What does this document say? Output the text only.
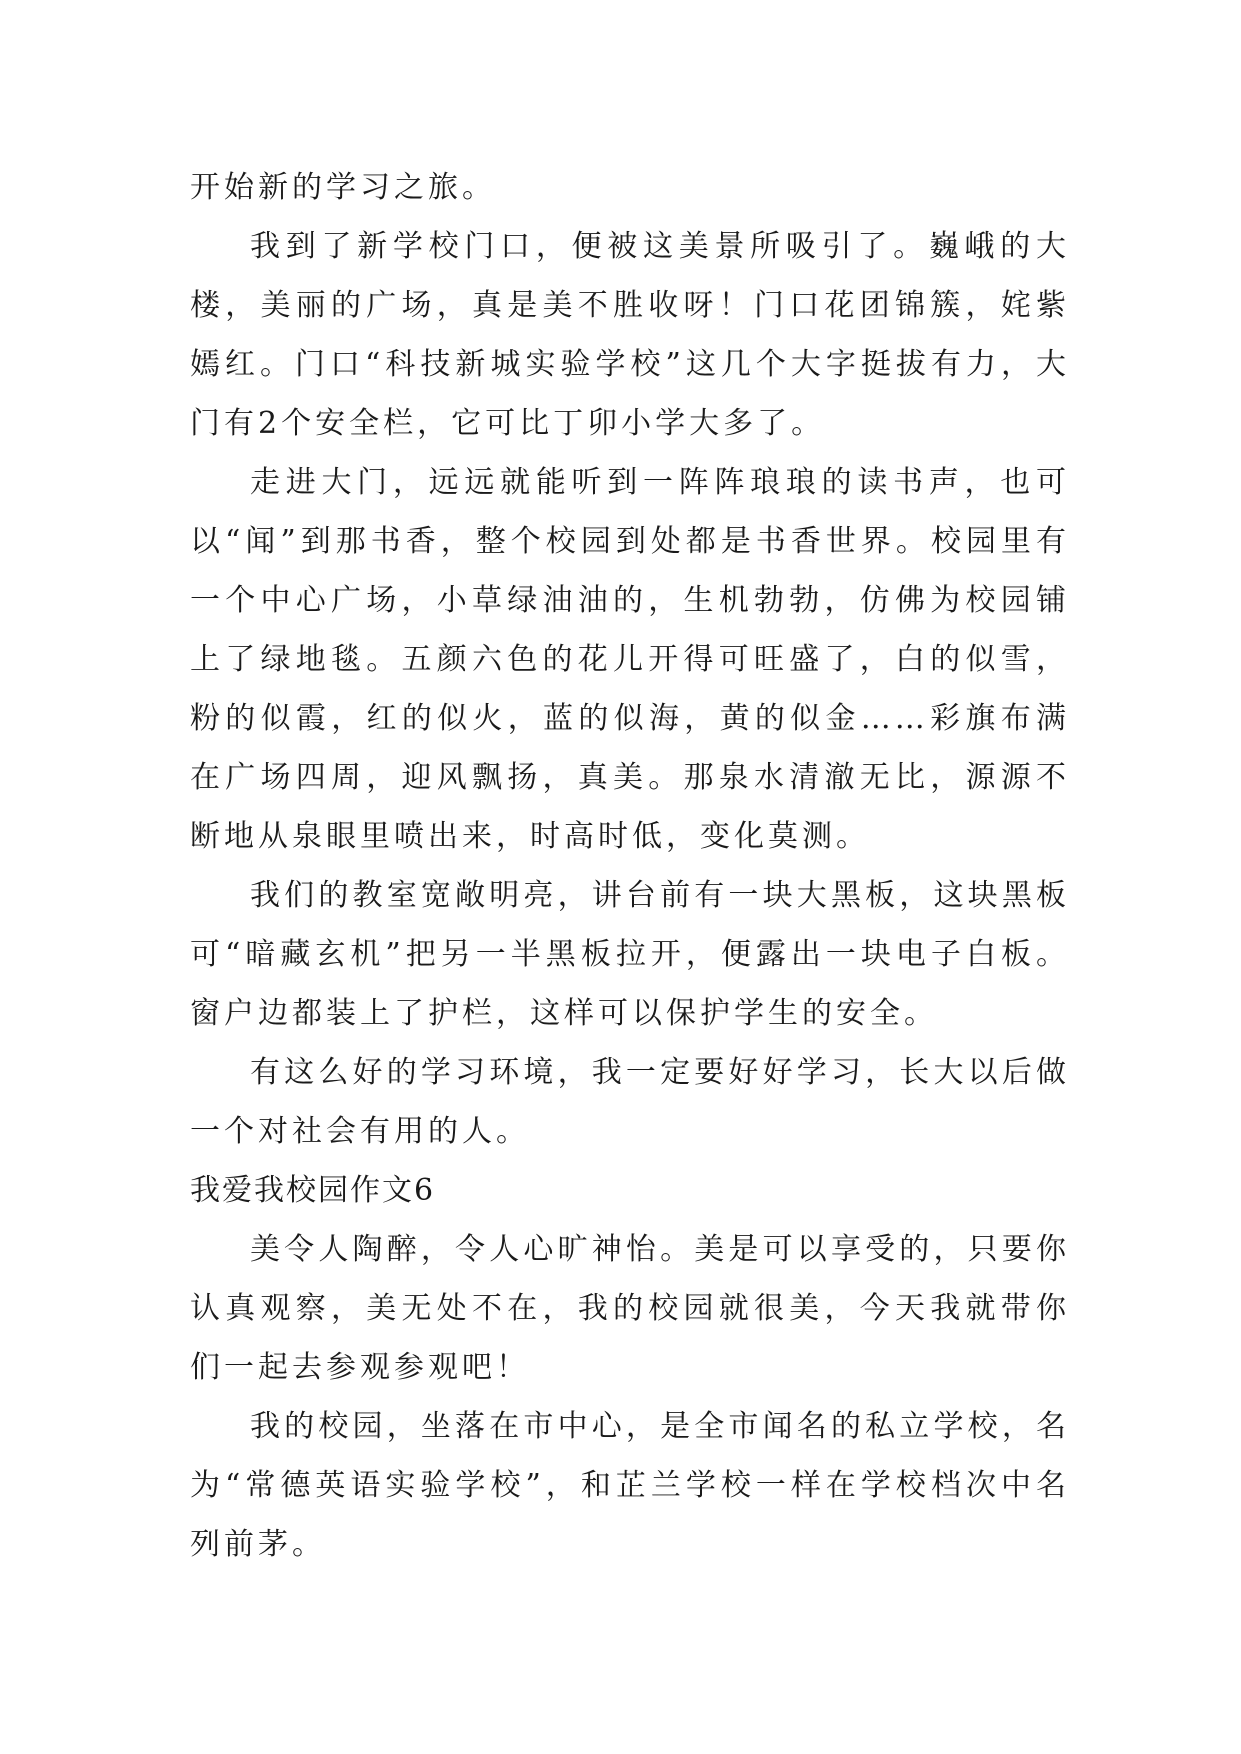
开始新的学习之旅。

我到了新学校门口，便被这美景所吸引了。巍峨的大楼，美丽的广场，真是美不胜收呀！门口花团锦簇，姹紫嫣红。门口“科技新城实验学校”这几个大字挺拔有力，大门有2个安全栏，它可比丁卯小学大多了。

走进大门，远远就能听到一阵阵琅琅的读书声，也可以“闻”到那书香，整个校园到处都是书香世界。校园里有一个中心广场，小草绿油油的，生机勃勃，仿佛为校园铺上了绿地毯。五颜六色的花儿开得可旺盛了，白的似雪，粉的似霞，红的似火，蓝的似海，黄的似金……彩旗布满在广场四周，迎风飘扬，真美。那泉水清澈无比，源源不断地从泉眼里喷出来，时高时低，变化莫测。

我们的教室宽敞明亮，讲台前有一块大黑板，这块黑板可“暗藏玄机”把另一半黑板拉开，便露出一块电子白板。窗户边都装上了护栏，这样可以保护学生的安全。

有这么好的学习环境，我一定要好好学习，长大以后做一个对社会有用的人。

我爱我校园作文6

美令人陶醉，令人心旷神怡。美是可以享受的，只要你认真观察，美无处不在，我的校园就很美，今天我就带你们一起去参观参观吧！

我的校园，坐落在市中心，是全市闻名的私立学校，名为“常德英语实验学校”，和芷兰学校一样在学校档次中名列前茅。
